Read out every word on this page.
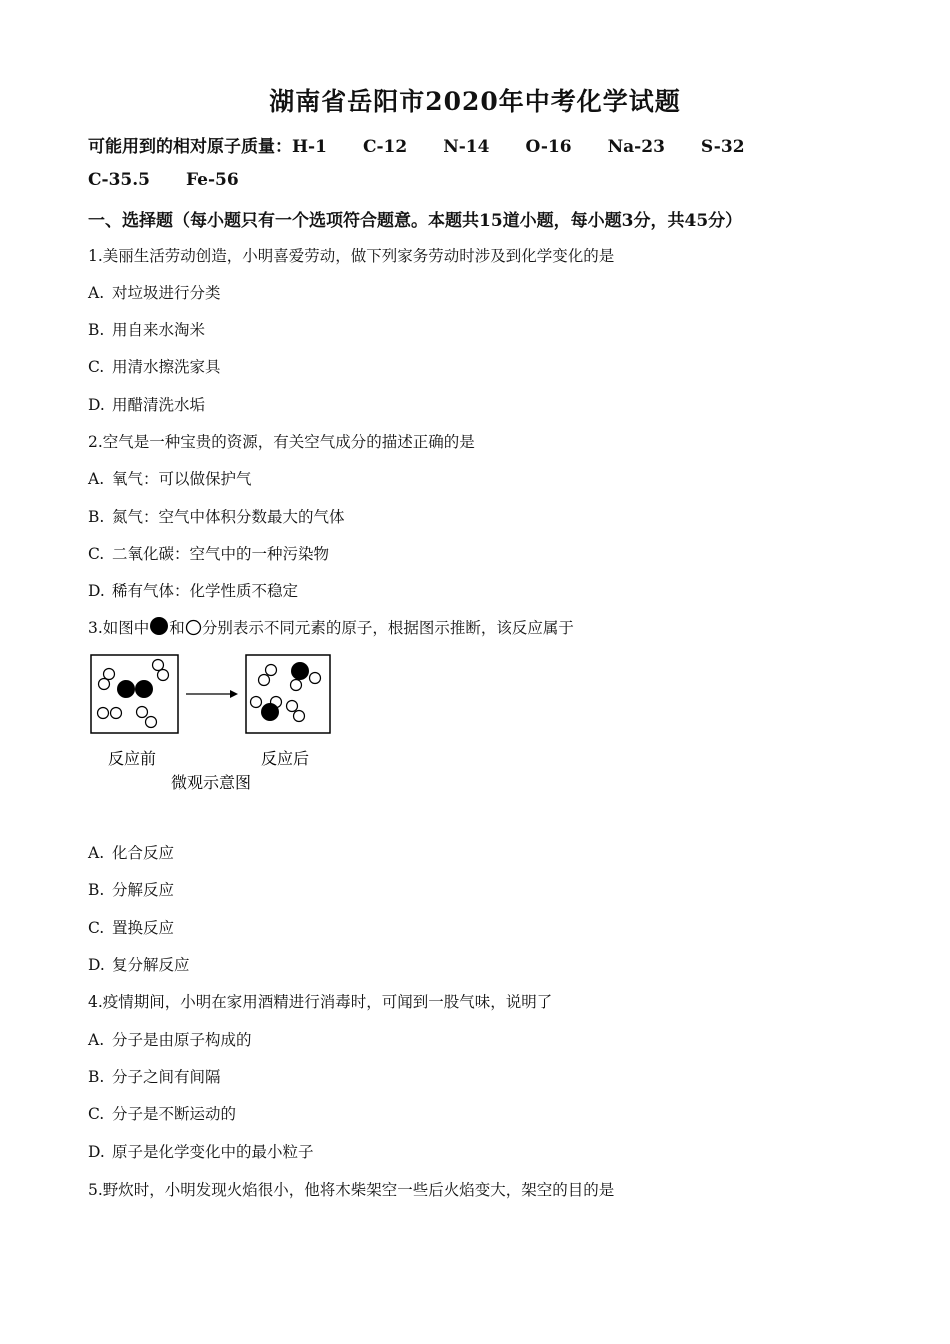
湖南省岳阳市2020年中考化学试题
可能用到的相对原子质量：H-1 C-12 N-14 O-16 Na-23 S-32
C-35.5 Fe-56
一、选择题（每小题只有一个选项符合题意。本题共15道小题，每小题3分，共45分）
1.美丽生活劳动创造，小明喜爱劳动，做下列家务劳动时涉及到化学变化的是
A. 对垃圾进行分类
B. 用自来水淘米
C. 用清水擦洗家具
D. 用醋清洗水垢
2.空气是一种宝贵的资源，有关空气成分的描述正确的是
A. 氧气：可以做保护气
B. 氮气：空气中体积分数最大的气体
C. 二氧化碳：空气中的一种污染物
D. 稀有气体：化学性质不稳定
3.如图中 和 分别表示不同元素的原子，根据图示推断，该反应属于
反应前	反应后
微观示意图
A. 化合反应
B. 分解反应
C. 置换反应
D. 复分解反应
4.疫情期间，小明在家用酒精进行消毒时，可闻到一股气味，说明了
A. 分子是由原子构成的
B. 分子之间有间隔
C. 分子是不断运动的
D. 原子是化学变化中的最小粒子
5.野炊时，小明发现火焰很小，他将木柴架空一些后火焰变大，架空的目的是
